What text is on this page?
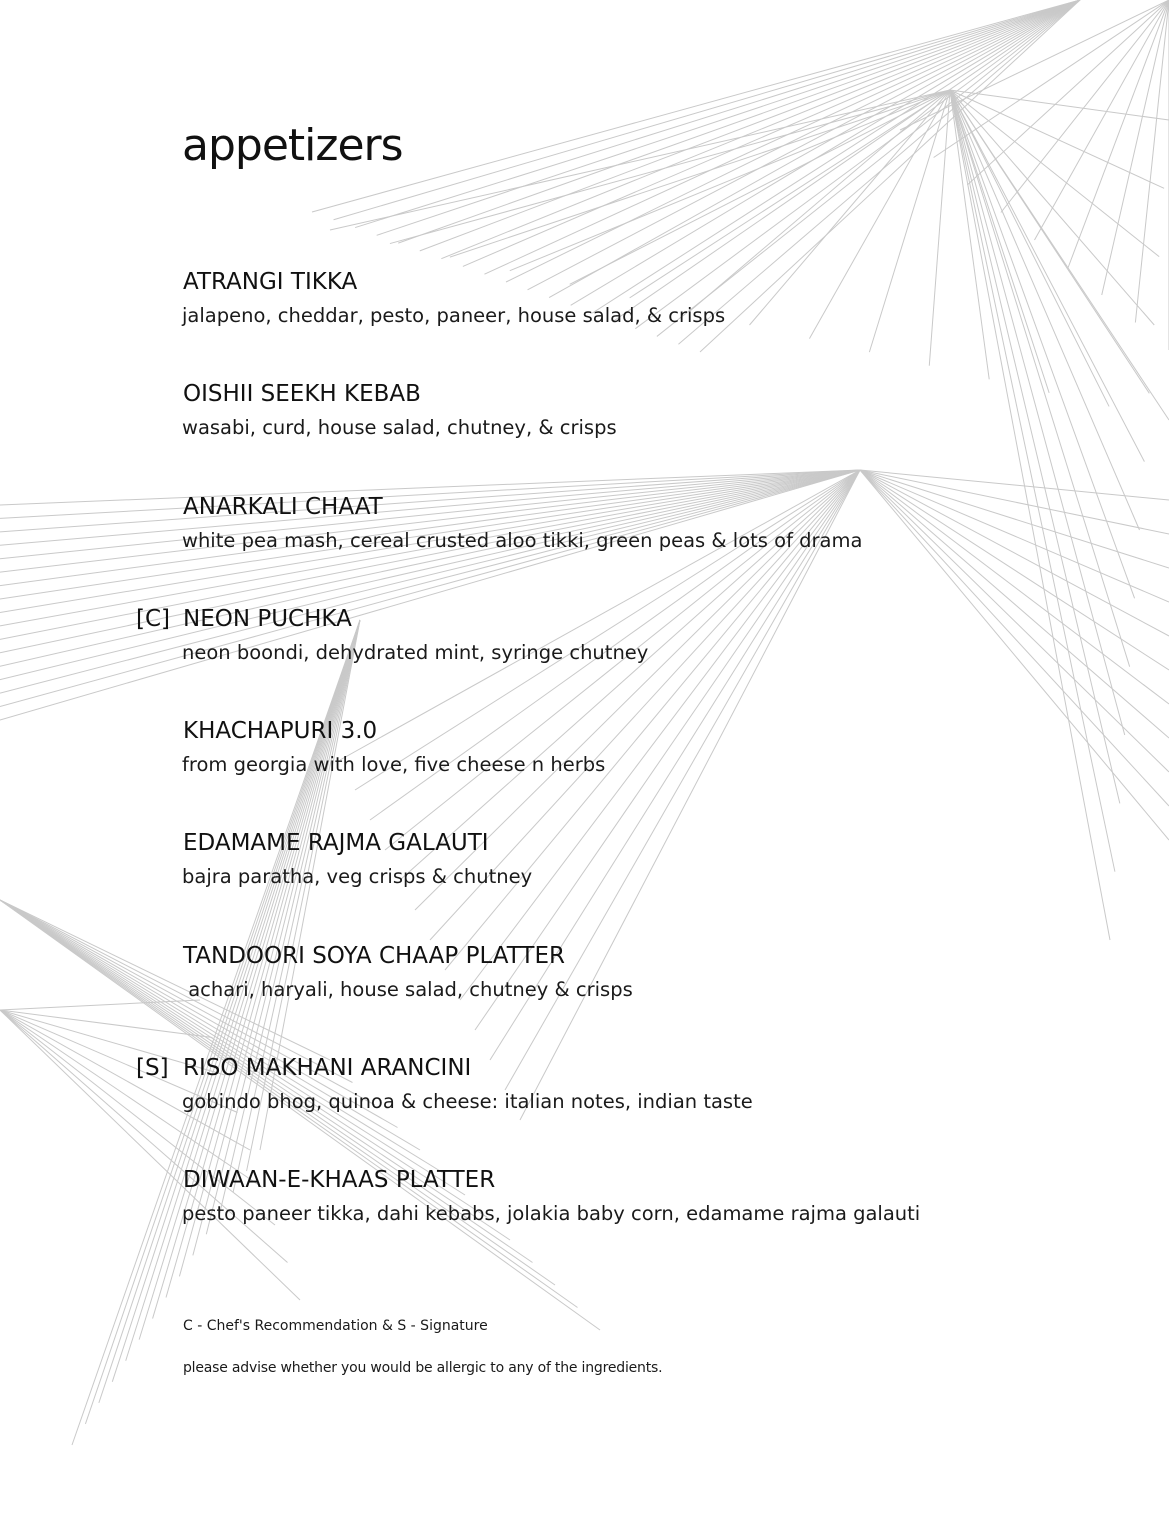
appetizers
ATRANGI TIKKA
jalapeno, cheddar, pesto, paneer, house salad, & crisps
OISHII SEEKH KEBAB
wasabi, curd, house salad, chutney, & crisps
ANARKALI CHAAT
white pea mash, cereal crusted aloo tikki, green peas & lots of drama
[C] NEON PUCHKA
neon boondi, dehydrated mint, syringe chutney
KHACHAPURI 3.0
from georgia with love, five cheese n herbs
EDAMAME RAJMA GALAUTI
bajra paratha, veg crisps & chutney
TANDOORI SOYA CHAAP PLATTER
achari, haryali, house salad, chutney & crisps
[S] RISO MAKHANI ARANCINI
gobindo bhog, quinoa & cheese: italian notes, indian taste
DIWAAN-E-KHAAS PLATTER
pesto paneer tikka, dahi kebabs, jolakia baby corn, edamame rajma galauti
C - Chef's Recommendation & S - Signature
please advise whether you would be allergic to any of the ingredients.
